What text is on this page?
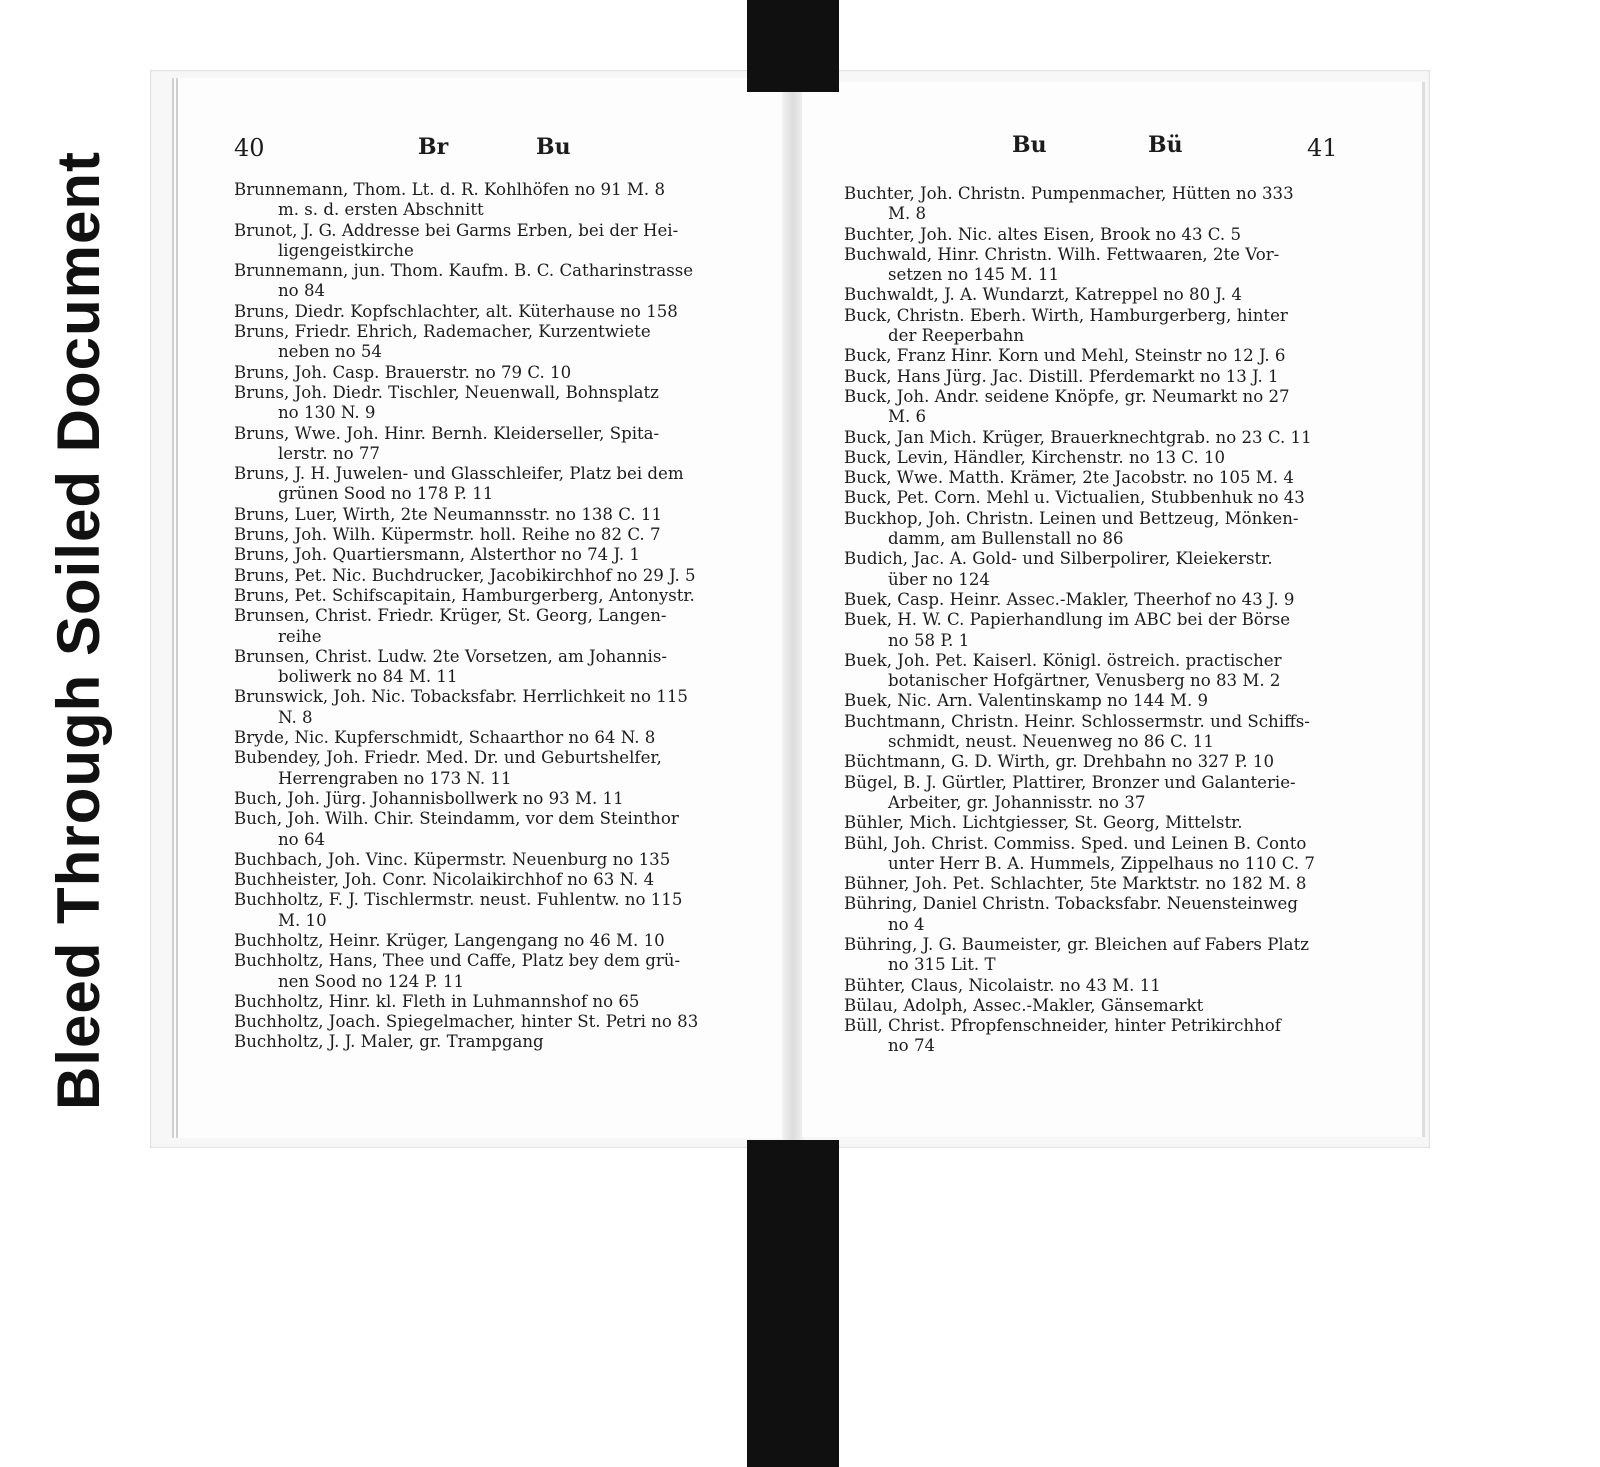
Bleed Through Soiled Document
40	Br	Bu
Brunnemann, Thom. Lt. d. R. Kohlhöfen no 91 M. 8
m. s. d. ersten Abschnitt
Brunot, J. G. Addresse bei Garms Erben, bei der Hei-
ligengeistkirche
Brunnemann, jun. Thom. Kaufm. B. C. Catharinstrasse
no 84
Bruns, Diedr. Kopfschlachter, alt. Küterhause no 158
Bruns, Friedr. Ehrich, Rademacher, Kurzentwiete
neben no 54
Bruns, Joh. Casp. Brauerstr. no 79 C. 10
Bruns, Joh. Diedr. Tischler, Neuenwall, Bohnsplatz
no 130 N. 9
Bruns, Wwe. Joh. Hinr. Bernh. Kleiderseller, Spita-
lerstr. no 77
Bruns, J. H. Juwelen- und Glasschleifer, Platz bei dem
grünen Sood no 178 P. 11
Bruns, Luer, Wirth, 2te Neumannsstr. no 138 C. 11
Bruns, Joh. Wilh. Küpermstr. holl. Reihe no 82 C. 7
Bruns, Joh. Quartiersmann, Alsterthor no 74 J. 1
Bruns, Pet. Nic. Buchdrucker, Jacobikirchhof no 29 J. 5
Bruns, Pet. Schifscapitain, Hamburgerberg, Antonystr.
Brunsen, Christ. Friedr. Krüger, St. Georg, Langen-
reihe
Brunsen, Christ. Ludw. 2te Vorsetzen, am Johannis-
boliwerk no 84 M. 11
Brunswick, Joh. Nic. Tobacksfabr. Herrlichkeit no 115
N. 8
Bryde, Nic. Kupferschmidt, Schaarthor no 64 N. 8
Bubendey, Joh. Friedr. Med. Dr. und Geburtshelfer,
Herrengraben no 173 N. 11
Buch, Joh. Jürg. Johannisbollwerk no 93 M. 11
Buch, Joh. Wilh. Chir. Steindamm, vor dem Steinthor
no 64
Buchbach, Joh. Vinc. Küpermstr. Neuenburg no 135
Buchheister, Joh. Conr. Nicolaikirchhof no 63 N. 4
Buchholtz, F. J. Tischlermstr. neust. Fuhlentw. no 115
M. 10
Buchholtz, Heinr. Krüger, Langengang no 46 M. 10
Buchholtz, Hans, Thee und Caffe, Platz bey dem grü-
nen Sood no 124 P. 11
Buchholtz, Hinr. kl. Fleth in Luhmannshof no 65
Buchholtz, Joach. Spiegelmacher, hinter St. Petri no 83
Buchholtz, J. J. Maler, gr. Trampgang
Bu	Bü	41
Buchter, Joh. Christn. Pumpenmacher, Hütten no 333
M. 8
Buchter, Joh. Nic. altes Eisen, Brook no 43 C. 5
Buchwald, Hinr. Christn. Wilh. Fettwaaren, 2te Vor-
setzen no 145 M. 11
Buchwaldt, J. A. Wundarzt, Katreppel no 80 J. 4
Buck, Christn. Eberh. Wirth, Hamburgerberg, hinter
der Reeperbahn
Buck, Franz Hinr. Korn und Mehl, Steinstr no 12 J. 6
Buck, Hans Jürg. Jac. Distill. Pferdemarkt no 13 J. 1
Buck, Joh. Andr. seidene Knöpfe, gr. Neumarkt no 27
M. 6
Buck, Jan Mich. Krüger, Brauerknechtgrab. no 23 C. 11
Buck, Levin, Händler, Kirchenstr. no 13 C. 10
Buck, Wwe. Matth. Krämer, 2te Jacobstr. no 105 M. 4
Buck, Pet. Corn. Mehl u. Victualien, Stubbenhuk no 43
Buckhop, Joh. Christn. Leinen und Bettzeug, Mönken-
damm, am Bullenstall no 86
Budich, Jac. A. Gold- und Silberpolirer, Kleiekerstr.
über no 124
Buek, Casp. Heinr. Assec.-Makler, Theerhof no 43 J. 9
Buek, H. W. C. Papierhandlung im ABC bei der Börse
no 58 P. 1
Buek, Joh. Pet. Kaiserl. Königl. östreich. practischer
botanischer Hofgärtner, Venusberg no 83 M. 2
Buek, Nic. Arn. Valentinskamp no 144 M. 9
Buchtmann, Christn. Heinr. Schlossermstr. und Schiffs-
schmidt, neust. Neuenweg no 86 C. 11
Büchtmann, G. D. Wirth, gr. Drehbahn no 327 P. 10
Bügel, B. J. Gürtler, Plattirer, Bronzer und Galanterie-
Arbeiter, gr. Johannisstr. no 37
Bühler, Mich. Lichtgiesser, St. Georg, Mittelstr.
Bühl, Joh. Christ. Commiss. Sped. und Leinen B. Conto
unter Herr B. A. Hummels, Zippelhaus no 110 C. 7
Bühner, Joh. Pet. Schlachter, 5te Marktstr. no 182 M. 8
Bühring, Daniel Christn. Tobacksfabr. Neuensteinweg
no 4
Bühring, J. G. Baumeister, gr. Bleichen auf Fabers Platz
no 315 Lit. T
Bühter, Claus, Nicolaistr. no 43 M. 11
Bülau, Adolph, Assec.-Makler, Gänsemarkt
Büll, Christ. Pfropfenschneider, hinter Petrikirchhof
no 74
